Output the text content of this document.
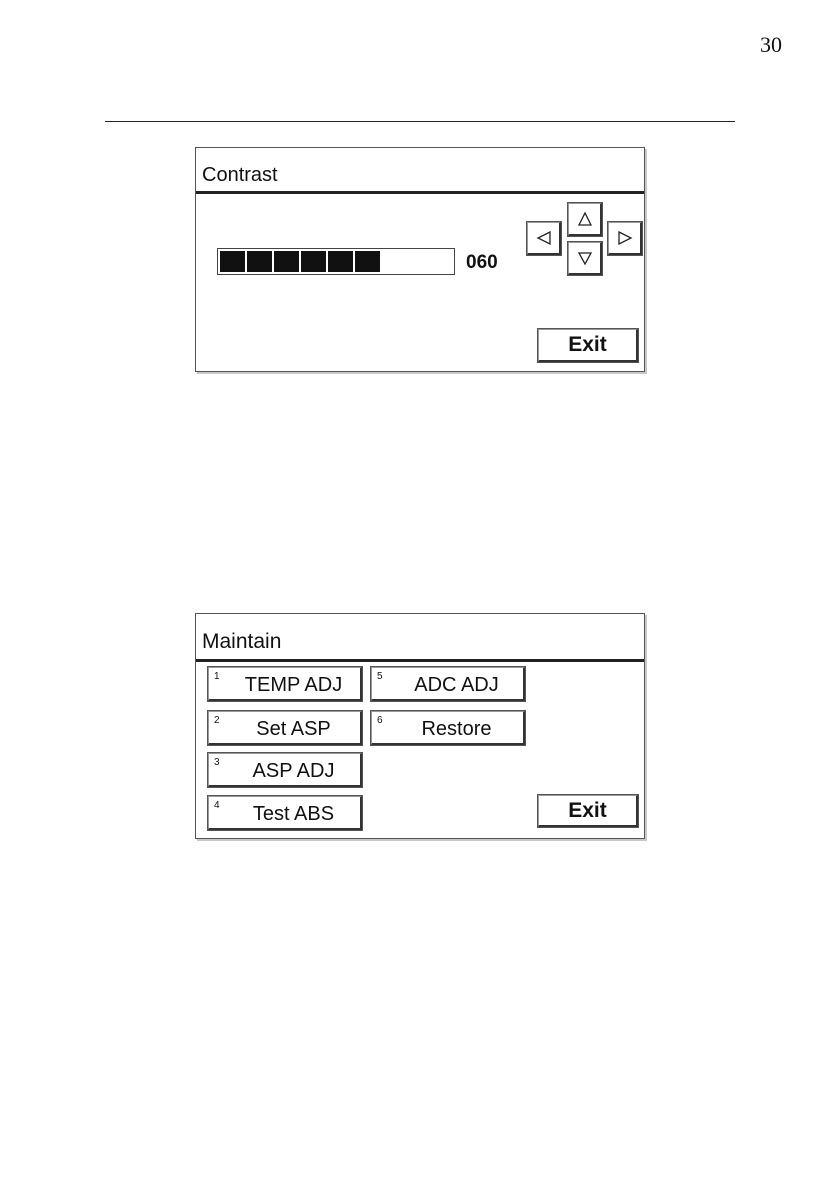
30
Contrast
060
Exit
Maintain
1	TEMP ADJ	5	ADC ADJ
2	Set ASP	6	Restore
3	ASP ADJ
4	Test ABS	Exit
